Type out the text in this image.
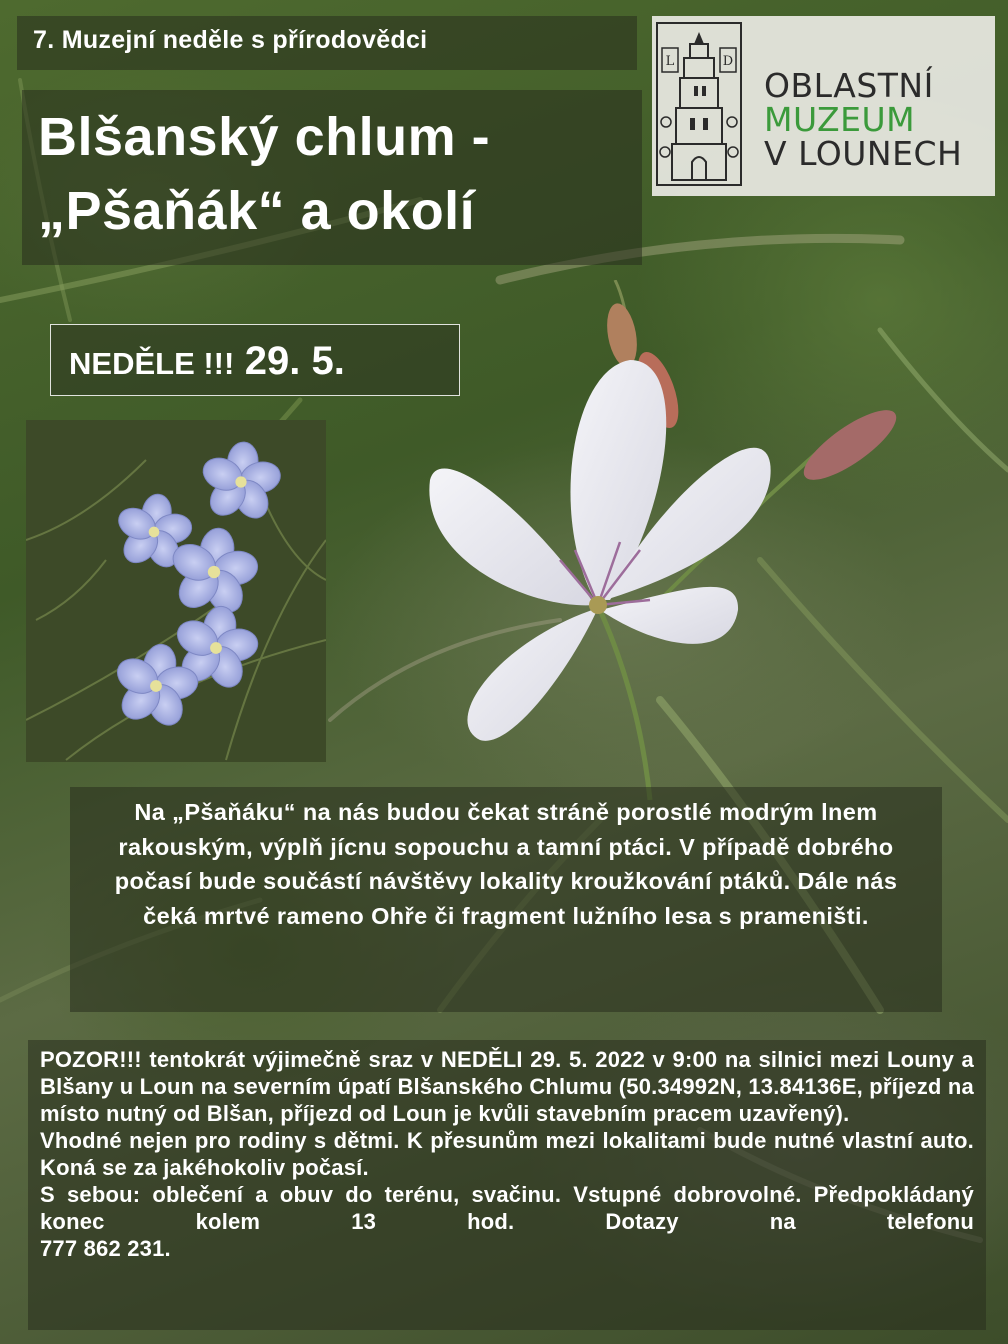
7. Muzejní neděle s přírodovědci
Blšanský chlum -
„Pšaňák“ a okolí
NEDĚLE !!! 29. 5.
L	D
OBLASTNÍ
MUZEUM
V LOUNECH
Na „Pšaňáku“ na nás budou čekat stráně porostlé modrým lnem rakouským, výplň jícnu sopouchu a tamní ptáci. V případě dobrého počasí bude součástí návštěvy lokality kroužkování ptáků. Dále nás čeká mrtvé rameno Ohře či fragment lužního lesa s prameništi.

POZOR!!! tentokrát výjimečně sraz v NEDĚLI 29. 5. 2022 v 9:00 na silnici mezi Louny a Blšany u Loun na severním úpatí Blšanského Chlumu (50.34992N, 13.84136E, příjezd na místo nutný od Blšan, příjezd od Loun je kvůli stavebním pracem uzavřený).

Vhodné nejen pro rodiny s dětmi. K přesunům mezi lokalitami bude nutné vlastní auto. Koná se za jakéhokoliv počasí.

S sebou: oblečení a obuv do terénu, svačinu. Vstupné dobrovolné. Předpokládaný konec kolem 13 hod. Dotazy na telefonu

777 862 231.
